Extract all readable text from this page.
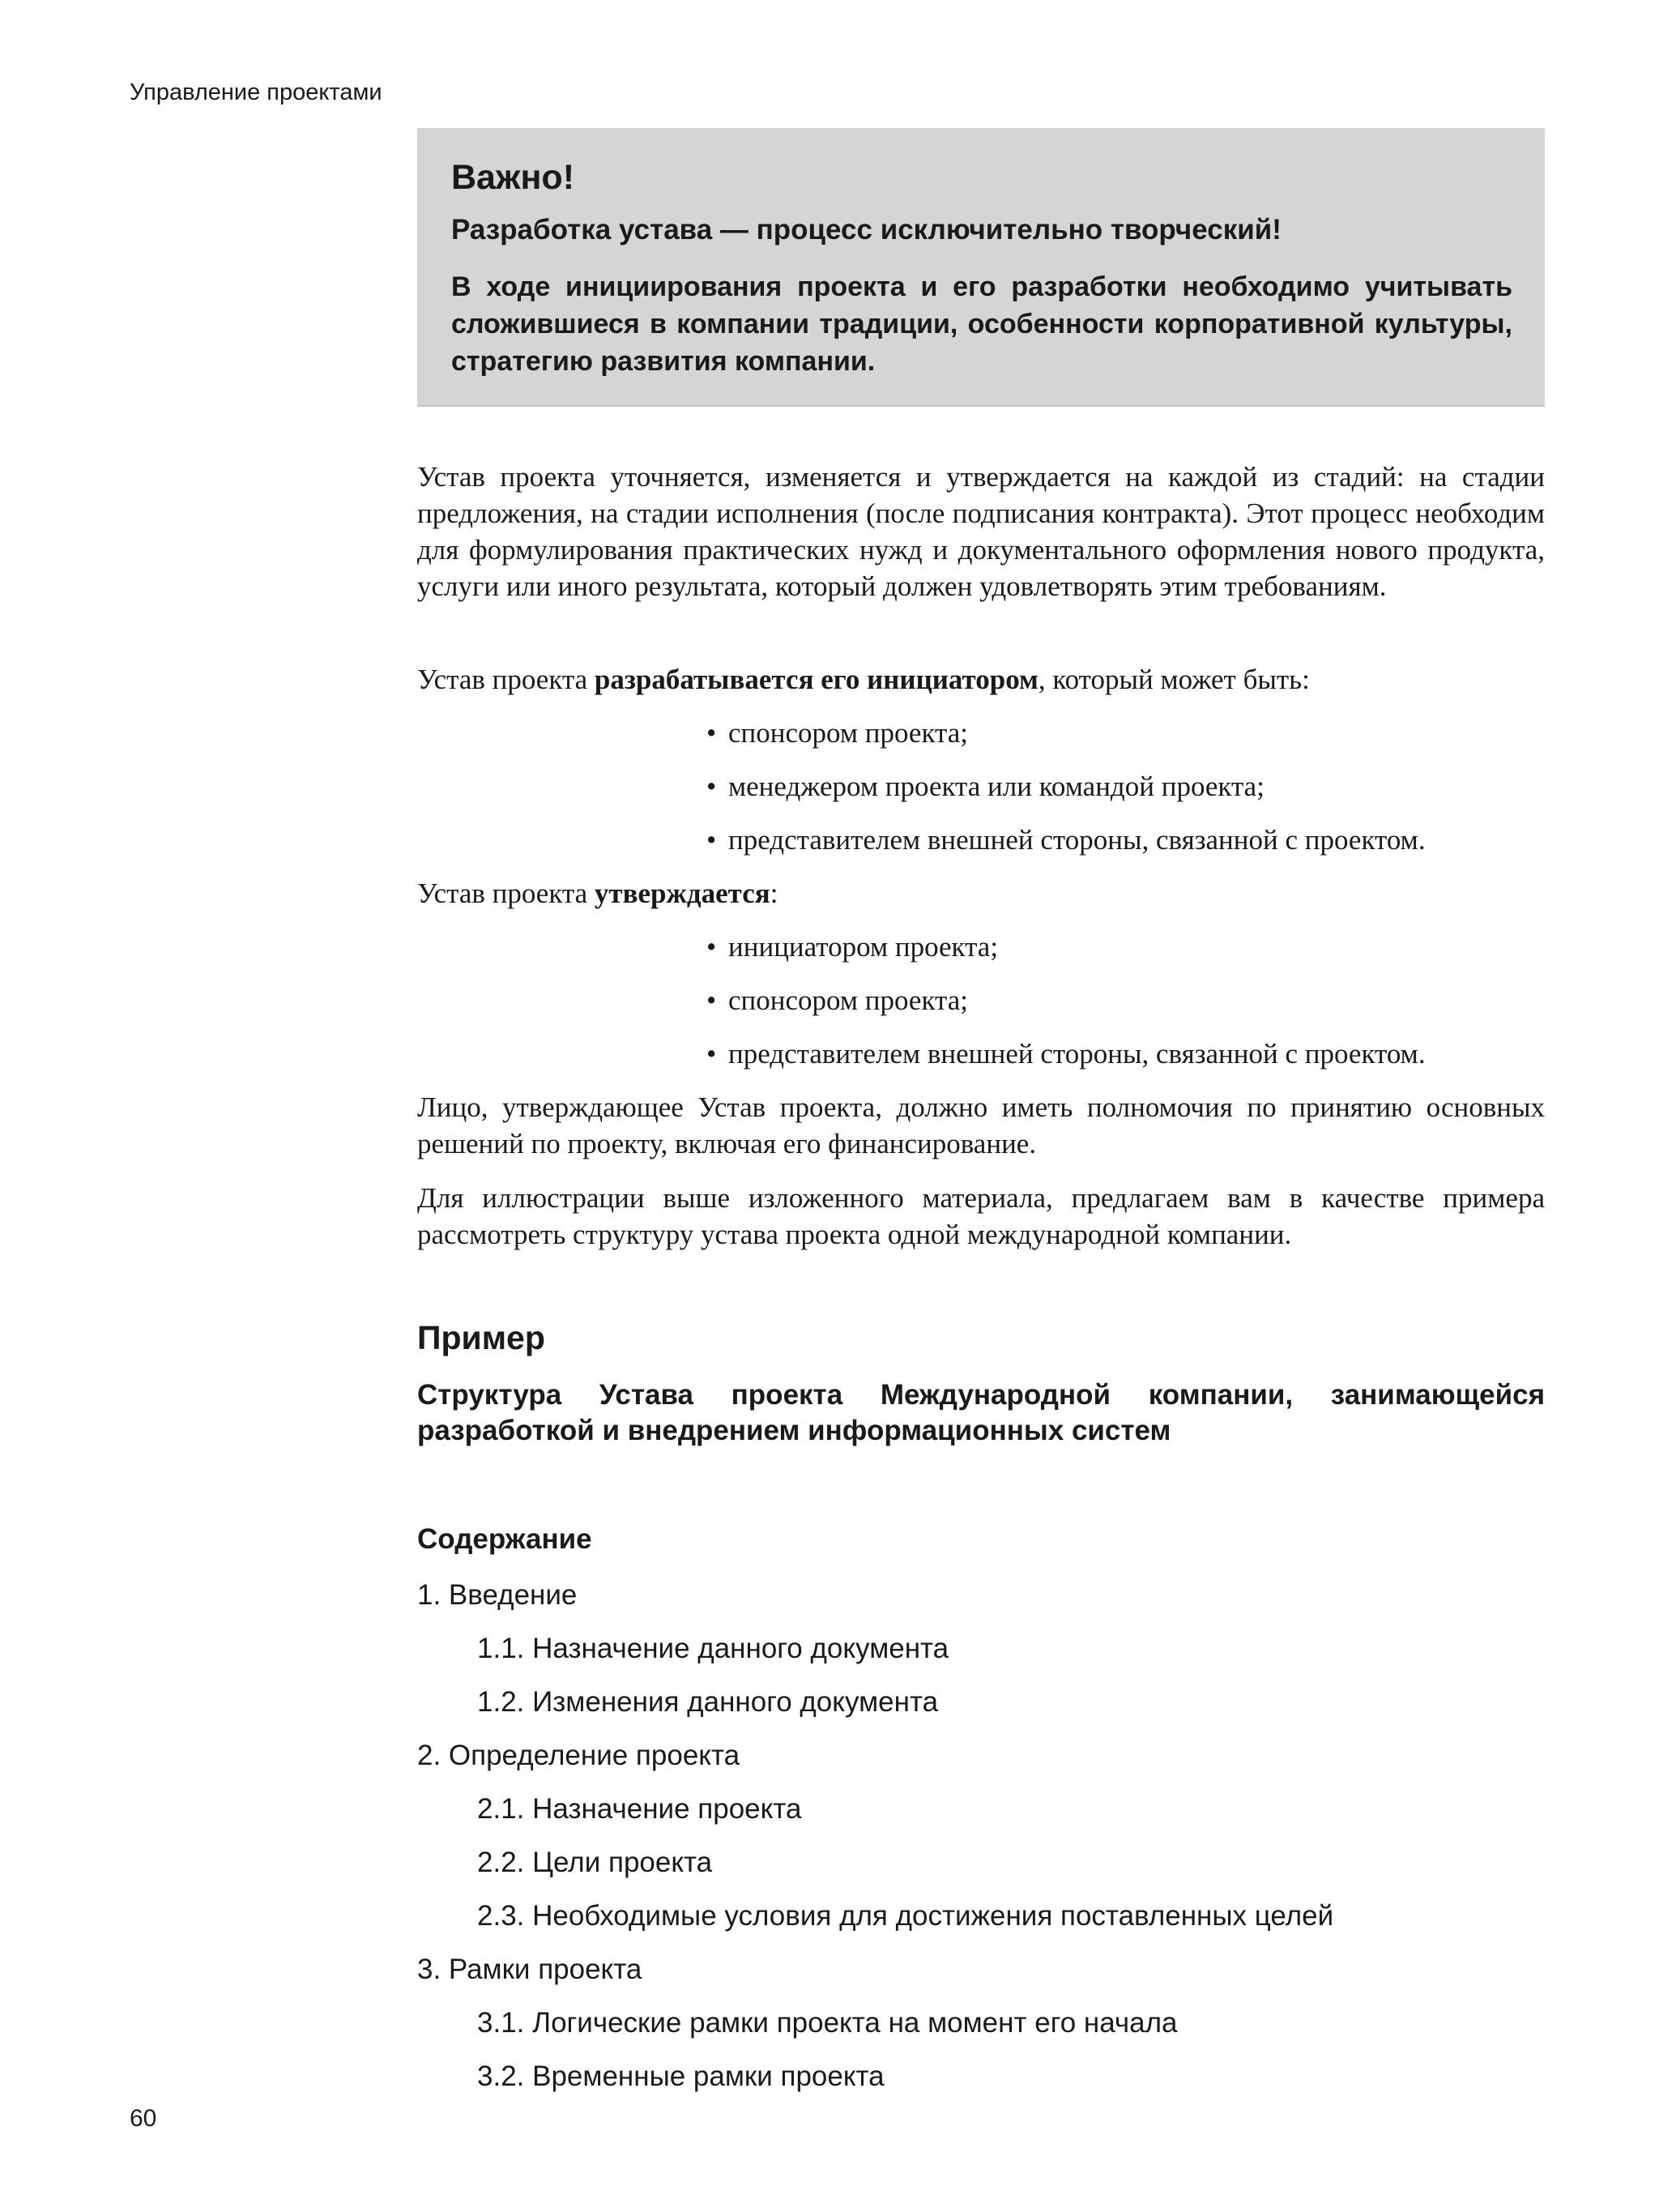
Управление проектами

Важно!

Разработка устава — процесс исключительно творческий!

В ходе инициирования проекта и его разработки необходимо учитывать сложившиеся в компании традиции, особенности корпоративной культуры, стратегию развития компании.

Устав проекта уточняется, изменяется и утверждается на каждой из стадий: на стадии предложения, на стадии исполнения (после подписания контракта). Этот процесс необходим для формулирования практических нужд и документального оформления нового продукта, услуги или иного результата, который должен удовлетворять этим требованиям.

Устав проекта разрабатывается его инициатором, который может быть:

• спонсором проекта;
• менеджером проекта или командой проекта;
• представителем внешней стороны, связанной с проектом.

Устав проекта утверждается:

• инициатором проекта;
• спонсором проекта;
• представителем внешней стороны, связанной с проектом.

Лицо, утверждающее Устав проекта, должно иметь полномочия по принятию основных решений по проекту, включая его финансирование.

Для иллюстрации выше изложенного материала, предлагаем вам в качестве примера рассмотреть структуру устава проекта одной международной компании.

Пример

Структура Устава проекта Международной компании, занимающейся разработкой и внедрением информационных систем

Содержание
1. Введение
1.1. Назначение данного документа
1.2. Изменения данного документа
2. Определение проекта
2.1. Назначение проекта
2.2. Цели проекта
2.3. Необходимые условия для достижения поставленных целей
3. Рамки проекта
3.1. Логические рамки проекта на момент его начала
3.2. Временные рамки проекта
60
